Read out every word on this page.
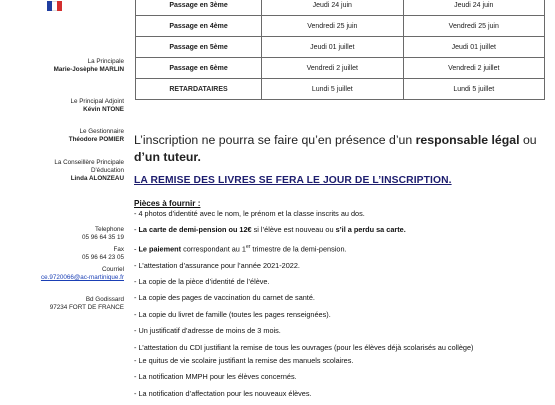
La Principale
Marie-Josèphe MARLIN
Le Principal Adjoint
Kévin NTONE
Le Gestionnaire
Théodore POMIER
La Conseillère Principale
D'éducation
Linda ALONZEAU
Telephone
05 96 64 35 19
Fax
05 96 64 23 05
Courriel
ce.9720066@ac-martinique.fr
Bd Godissard
97234 FORT DE FRANCE
Passage en 3ème	Jeudi 24 juin	Jeudi 24 juin
Passage en 4ème	Vendredi 25 juin	Vendredi 25 juin
Passage en 5ème	Jeudi 01 juillet	Jeudi 01 juillet
Passage en 6ème	Vendredi 2 juillet	Vendredi 2 juillet
RETARDATAIRES	Lundi 5 juillet	Lundi 5 juillet
L’inscription ne pourra se faire qu’en présence d’un responsable légal ou d’un tuteur.
LA REMISE DES LIVRES SE FERA LE JOUR DE L’INSCRIPTION.
Pièces à fournir :
- 4 photos d’identité avec le nom, le prénom et la classe inscrits au dos.
- La carte de demi-pension ou 12€ si l’élève est nouveau ou s’il a perdu sa carte.
- Le paiement correspondant au 1er trimestre de la demi-pension.
- L’attestation d’assurance pour l’année 2021-2022.
- La copie de la pièce d’identité de l’élève.
- La copie des pages de vaccination du carnet de santé.
- La copie du livret de famille (toutes les pages renseignées).
- Un justificatif d’adresse de moins de 3 mois.
- L’attestation du CDI justifiant la remise de tous les ouvrages (pour les élèves déjà scolarisés au collège)
- Le quitus de vie scolaire justifiant la remise des manuels scolaires.
- La notification MMPH pour les élèves concernés.
- La notification d’affectation pour les nouveaux élèves.
